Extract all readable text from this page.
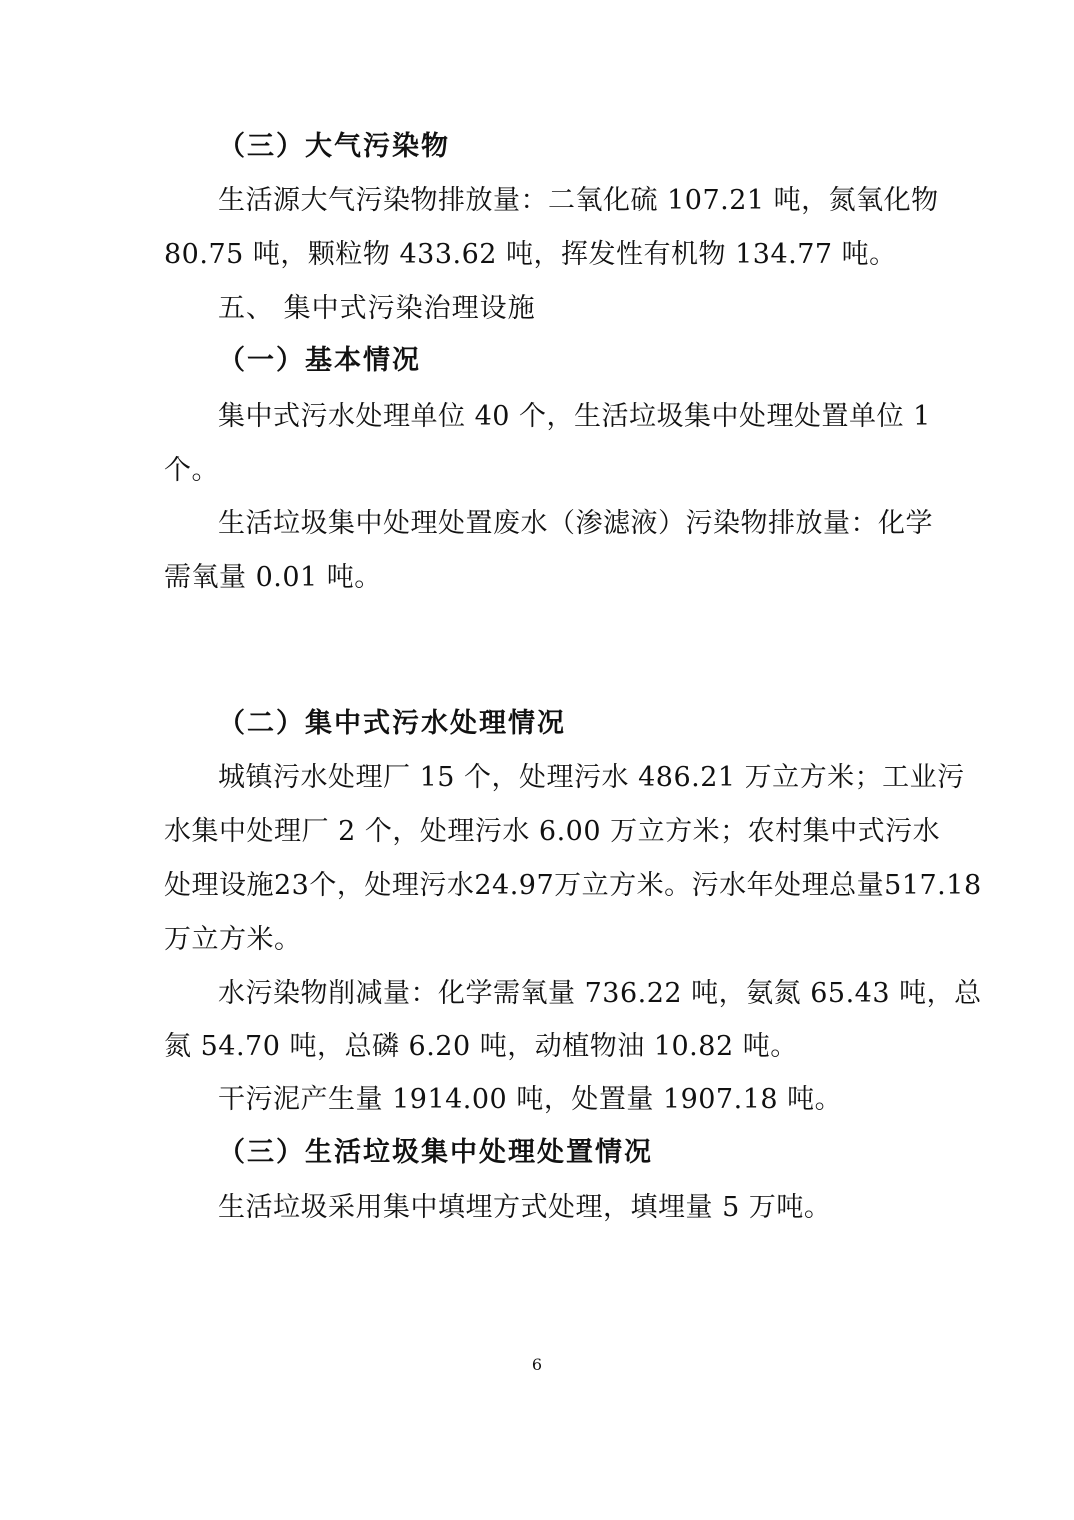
（三）大气污染物
生活源大气污染物排放量：二氧化硫 107.21 吨，氮氧化物
80.75 吨，颗粒物 433.62 吨，挥发性有机物 134.77 吨。
五、 集中式污染治理设施
（一）基本情况
集中式污水处理单位 40 个，生活垃圾集中处理处置单位 1
个。
生活垃圾集中处理处置废水（渗滤液）污染物排放量：化学
需氧量 0.01 吨。
（二）集中式污水处理情况
城镇污水处理厂 15 个，处理污水 486.21 万立方米；工业污
水集中处理厂 2 个，处理污水 6.00 万立方米；农村集中式污水
处理设施23个，处理污水24.97万立方米。污水年处理总量517.18
万立方米。
水污染物削减量：化学需氧量 736.22 吨，氨氮 65.43 吨，总
氮 54.70 吨，总磷 6.20 吨，动植物油 10.82 吨。
干污泥产生量 1914.00 吨，处置量 1907.18 吨。
（三）生活垃圾集中处理处置情况
生活垃圾采用集中填埋方式处理，填埋量 5 万吨。
6
